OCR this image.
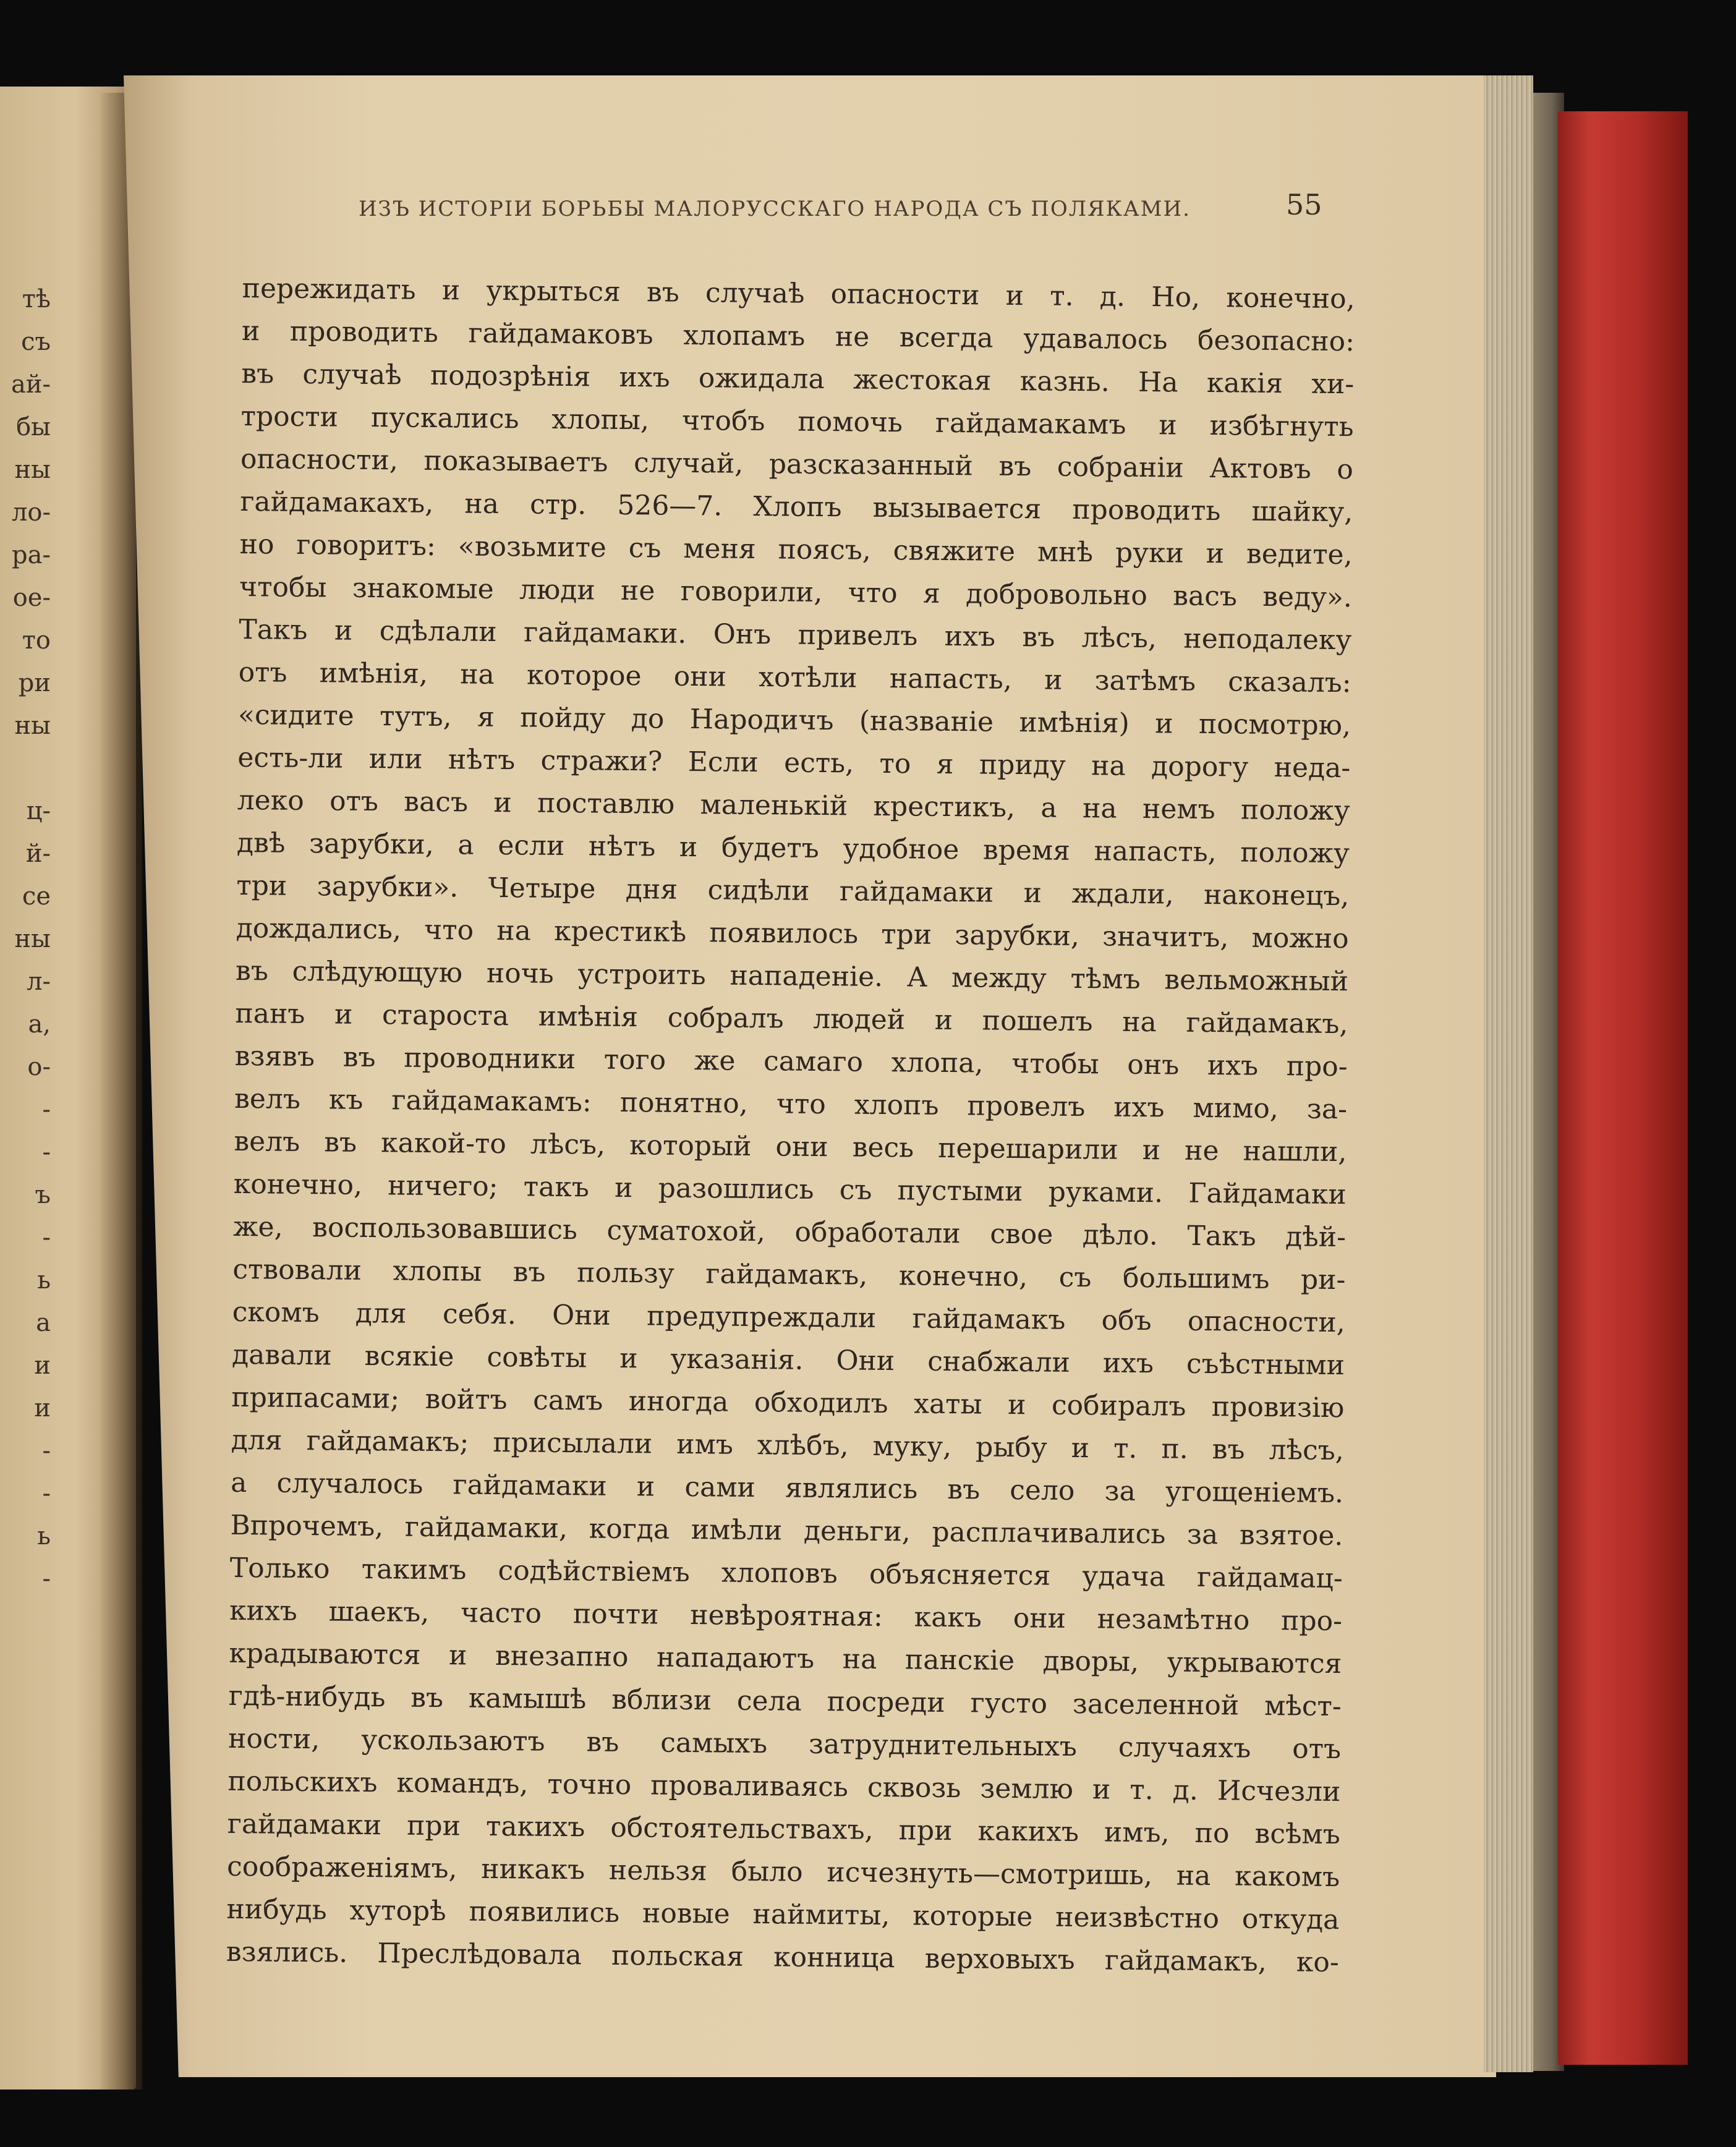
тѣ
съ
ай-
бы
ны
ло-
ра-
ое-
то
ри
ны
ц-
й-
се
ны
л-
а,
о-
-
-
ъ
-
ь
а
и
и
-
-
ь
-
ИЗЪ ИСТОРІИ БОРЬБЫ МАЛОРУССКАГО НАРОДА СЪ ПОЛЯКАМИ.	55
пережидать и укрыться въ случаѣ опасности и т. д. Но, конечно,
и проводить гайдамаковъ хлопамъ не всегда удавалось безопасно:
въ случаѣ подозрѣнія ихъ ожидала жестокая казнь. На какія хи-
трости пускались хлопы, чтобъ помочь гайдамакамъ и избѣгнуть
опасности, показываетъ случай, разсказанный въ собраніи Актовъ о
гайдамакахъ, на стр. 526—7. Хлопъ вызывается проводить шайку,
но говоритъ: «возьмите съ меня поясъ, свяжите мнѣ руки и ведите,
чтобы знакомые люди не говорили, что я добровольно васъ веду».
Такъ и сдѣлали гайдамаки. Онъ привелъ ихъ въ лѣсъ, неподалеку
отъ имѣнія, на которое они хотѣли напасть, и затѣмъ сказалъ:
«сидите тутъ, я пойду до Народичъ (названіе имѣнія) и посмотрю,
есть-ли или нѣтъ стражи? Если есть, то я приду на дорогу неда-
леко отъ васъ и поставлю маленькій крестикъ, а на немъ положу
двѣ зарубки, а если нѣтъ и будетъ удобное время напасть, положу
три зарубки». Четыре дня сидѣли гайдамаки и ждали, наконецъ,
дождались, что на крестикѣ появилось три зарубки, значитъ, можно
въ слѣдующую ночь устроить нападеніе. А между тѣмъ вельможный
панъ и староста имѣнія собралъ людей и пошелъ на гайдамакъ,
взявъ въ проводники того же самаго хлопа, чтобы онъ ихъ про-
велъ къ гайдамакамъ: понятно, что хлопъ провелъ ихъ мимо, за-
велъ въ какой-то лѣсъ, который они весь перешарили и не нашли,
конечно, ничего; такъ и разошлись съ пустыми руками. Гайдамаки
же, воспользовавшись суматохой, обработали свое дѣло. Такъ дѣй-
ствовали хлопы въ пользу гайдамакъ, конечно, съ большимъ ри-
скомъ для себя. Они предупреждали гайдамакъ объ опасности,
давали всякіе совѣты и указанія. Они снабжали ихъ съѣстными
припасами; войтъ самъ иногда обходилъ хаты и собиралъ провизію
для гайдамакъ; присылали имъ хлѣбъ, муку, рыбу и т. п. въ лѣсъ,
а случалось гайдамаки и сами являлись въ село за угощеніемъ.
Впрочемъ, гайдамаки, когда имѣли деньги, расплачивались за взятое.
Только такимъ содѣйствіемъ хлоповъ объясняется удача гайдамац-
кихъ шаекъ, часто почти невѣроятная: какъ они незамѣтно про-
крадываются и внезапно нападаютъ на панскіе дворы, укрываются
гдѣ-нибудь въ камышѣ вблизи села посреди густо заселенной мѣст-
ности, ускользаютъ въ самыхъ затруднительныхъ случаяхъ отъ
польскихъ командъ, точно проваливаясь сквозь землю и т. д. Исчезли
гайдамаки при такихъ обстоятельствахъ, при какихъ имъ, по всѣмъ
соображеніямъ, никакъ нельзя было исчезнуть—смотришь, на какомъ
нибудь хуторѣ появились новые наймиты, которые неизвѣстно откуда
взялись. Преслѣдовала польская конница верховыхъ гайдамакъ, ко-
